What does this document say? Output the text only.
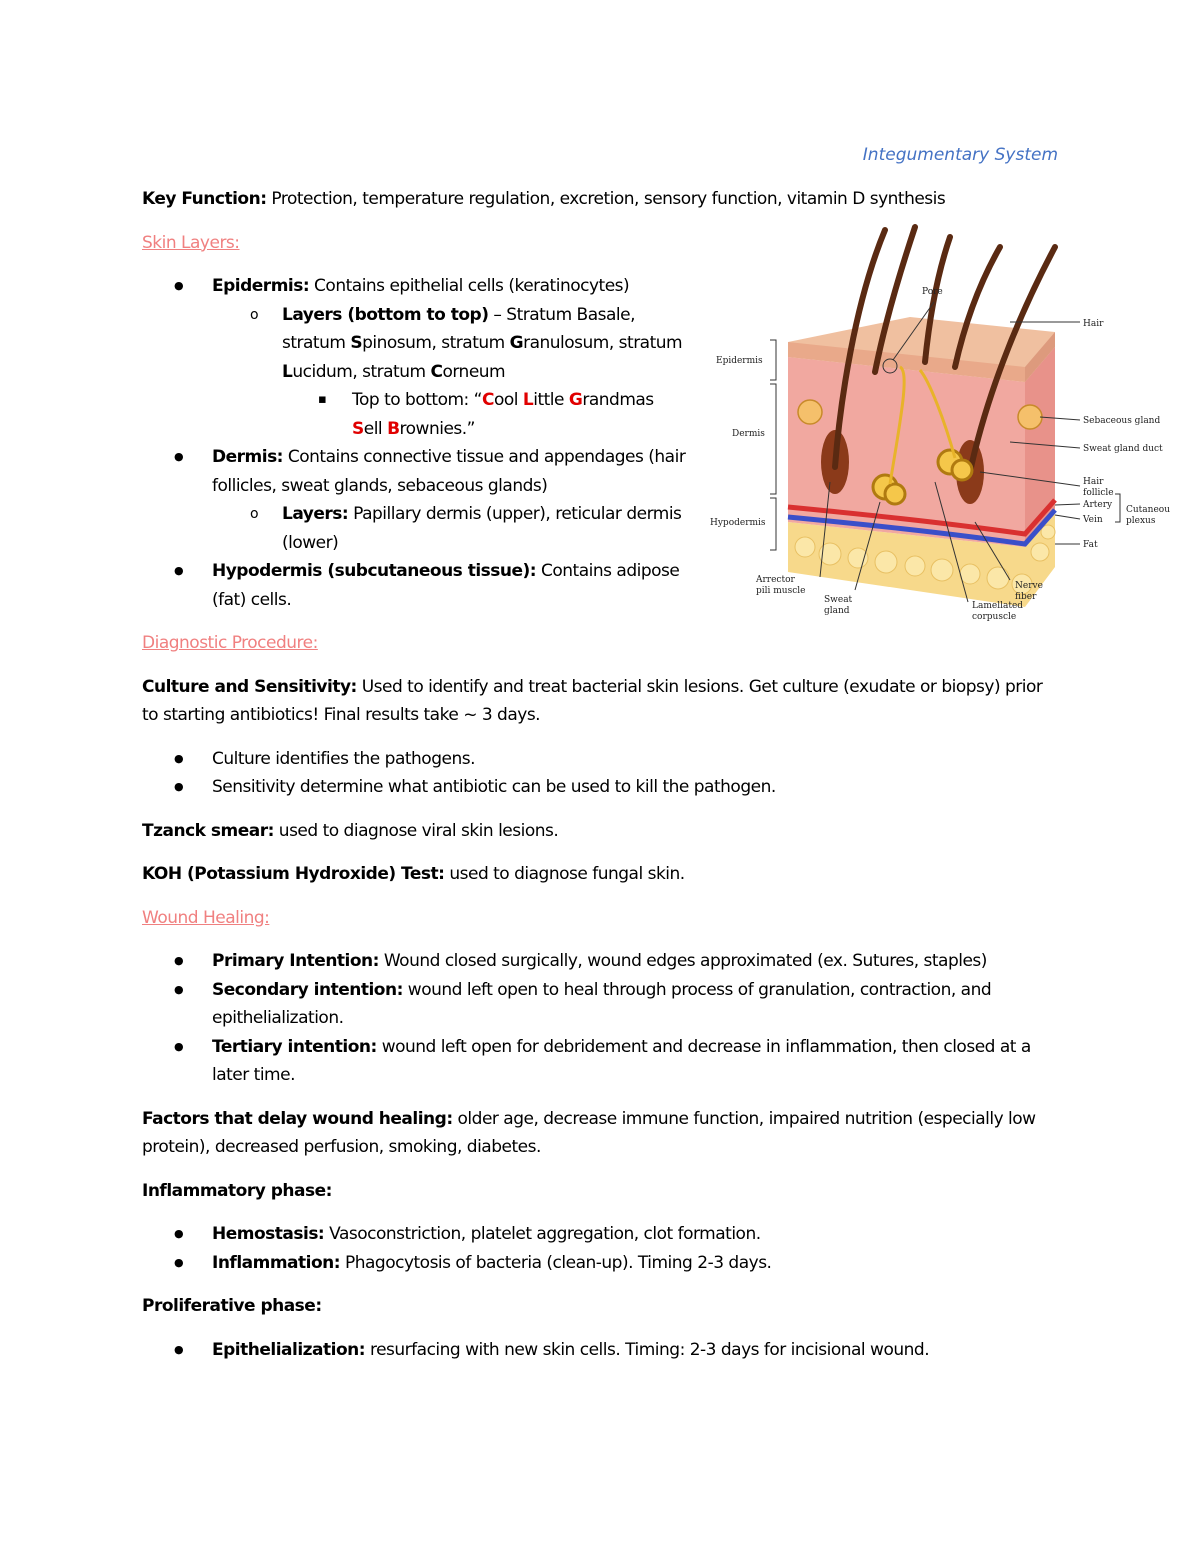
Integumentary System
Pore
Hair
Epidermis
Dermis
Hypodermis
Sebaceous gland
Sweat gland duct
Hair
follicle
Artery
Vein
Cutaneous
plexus
Fat
Arrector
pili muscle
Sweat
gland	Lamellated
corpuscle
Nerve
fiber

Key Function: Protection, temperature regulation, excretion, sensory function, vitamin D synthesis

Skin Layers:

● Epidermis: Contains epithelial cells (keratinocytes)
o Layers (bottom to top) – Stratum Basale, stratum Spinosum, stratum Granulosum, stratum Lucidum, stratum Corneum
▪ Top to bottom: “Cool Little Grandmas Sell Brownies.”
● Dermis: Contains connective tissue and appendages (hair follicles, sweat glands, sebaceous glands)
o Layers: Papillary dermis (upper), reticular dermis (lower)
● Hypodermis (subcutaneous tissue): Contains adipose (fat) cells.

Diagnostic Procedure:

Culture and Sensitivity: Used to identify and treat bacterial skin lesions. Get culture (exudate or biopsy) prior to starting antibiotics! Final results take ~ 3 days.

● Culture identifies the pathogens.
● Sensitivity determine what antibiotic can be used to kill the pathogen.

Tzanck smear: used to diagnose viral skin lesions.

KOH (Potassium Hydroxide) Test: used to diagnose fungal skin.

Wound Healing:

● Primary Intention: Wound closed surgically, wound edges approximated (ex. Sutures, staples)
● Secondary intention: wound left open to heal through process of granulation, contraction, and epithelialization.
● Tertiary intention: wound left open for debridement and decrease in inflammation, then closed at a later time.

Factors that delay wound healing: older age, decrease immune function, impaired nutrition (especially low protein), decreased perfusion, smoking, diabetes.

Inflammatory phase:

● Hemostasis: Vasoconstriction, platelet aggregation, clot formation.
● Inflammation: Phagocytosis of bacteria (clean-up). Timing 2-3 days.

Proliferative phase:

● Epithelialization: resurfacing with new skin cells. Timing: 2-3 days for incisional wound.
